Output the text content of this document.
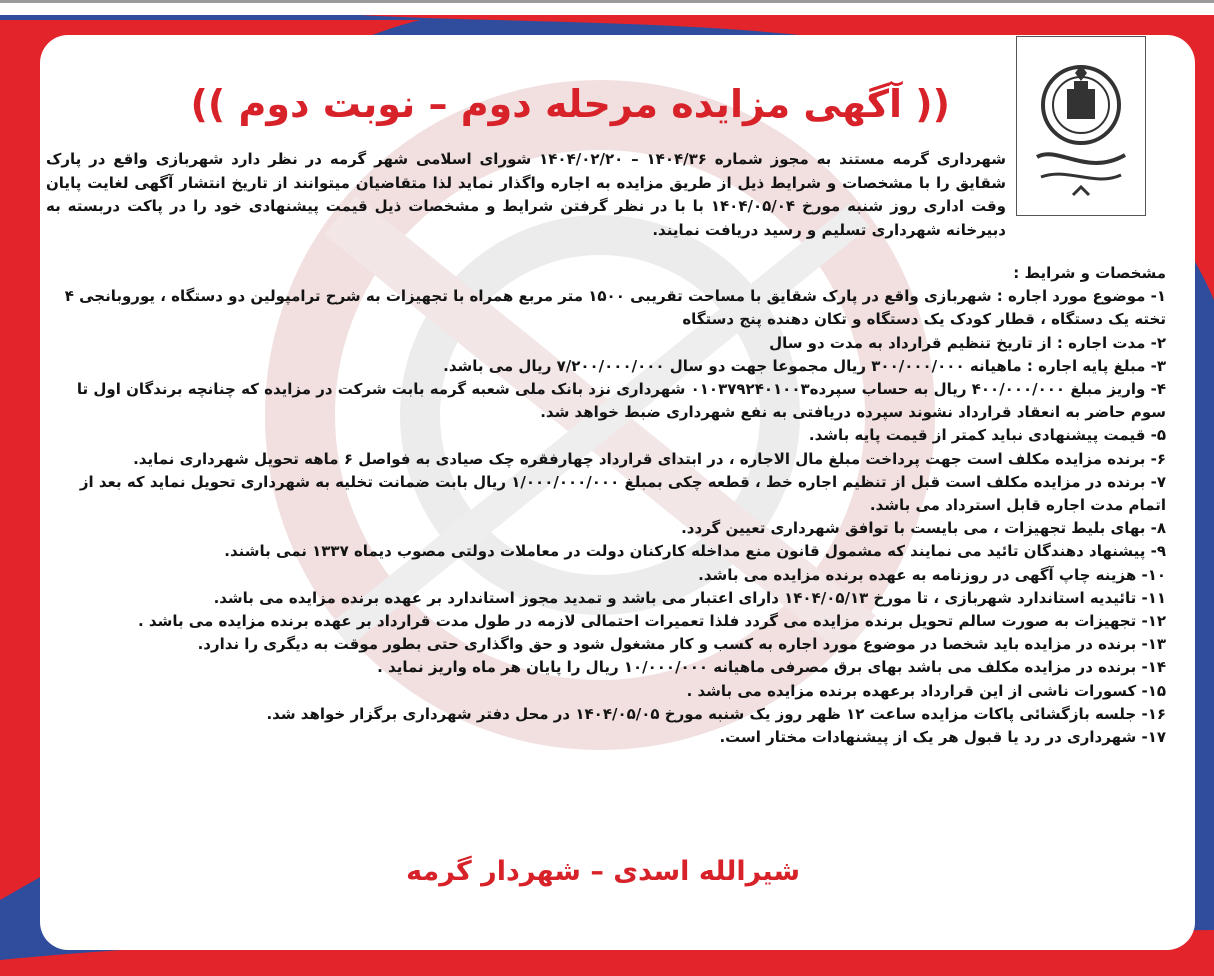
(( آگهی مزایده مرحله دوم – نوبت دوم ))
شهرداری گرمه مستند به مجوز شماره ۱۴۰۴/۳۶ – ۱۴۰۴/۰۲/۲۰ شورای اسلامی شهر گرمه در نظر دارد شهربازی واقع در پارک شقایق را با مشخصات و شرایط ذیل از طریق مزایده به اجاره واگذار نماید لذا متقاضیان میتوانند از تاریخ انتشار آگهی لغایت پایان وقت اداری روز شنبه مورخ ۱۴۰۴/۰۵/۰۴ با با در نظر گرفتن شرایط و مشخصات ذیل قیمت پیشنهادی خود را در پاکت دربسته به دبیرخانه شهرداری تسلیم و رسید دریافت نمایند.
مشخصات و شرایط :
۱- موضوع مورد اجاره : شهربازی واقع در پارک شقایق با مساحت تقریبی ۱۵۰۰ متر مربع همراه با تجهیزات به شرح ترامپولین دو دستگاه ، یوروبانجی ۴ تخته یک دستگاه ، قطار کودک یک دستگاه و تکان دهنده پنج دستگاه
۲- مدت اجاره : از تاریخ تنظیم قرارداد به مدت دو سال
۳- مبلغ پایه اجاره : ماهیانه ۳۰۰/۰۰۰/۰۰۰ ریال مجموعا جهت دو سال ۷/۲۰۰/۰۰۰/۰۰۰ ریال می باشد.
۴- واریز مبلغ ۴۰۰/۰۰۰/۰۰۰ ریال به حساب سپرده۰۱۰۳۷۹۲۴۰۱۰۰۳ شهرداری نزد بانک ملی شعبه گرمه بابت شرکت در مزایده که چنانچه برندگان اول تا سوم حاضر به انعقاد قرارداد نشوند سپرده دریافتی به نفع شهرداری ضبط خواهد شد.
۵- قیمت پیشنهادی نباید کمتر از قیمت پایه باشد.
۶- برنده مزایده مکلف است جهت پرداخت مبلغ مال الاجاره ، در ابتدای قرارداد چهارفقره چک صیادی به فواصل ۶ ماهه تحویل شهرداری نماید.
۷- برنده در مزایده مکلف است قبل از تنظیم اجاره خط ، قطعه چکی بمبلغ ۱/۰۰۰/۰۰۰/۰۰۰ ریال بابت ضمانت تخلیه به شهرداری تحویل نماید که بعد از اتمام مدت اجاره قابل استرداد می باشد.
۸- بهای بلیط تجهیزات ، می بایست با توافق شهرداری تعیین گردد.
۹- پیشنهاد دهندگان تائید می نمایند که مشمول قانون منع مداخله کارکنان دولت در معاملات دولتی مصوب دیماه ۱۳۳۷ نمی باشند.
۱۰- هزینه چاپ آگهی در روزنامه به عهده برنده مزایده می باشد.
۱۱- تائیدیه استاندارد شهربازی ، تا مورخ ۱۴۰۴/۰۵/۱۳ دارای اعتبار می باشد و تمدید مجوز استاندارد بر عهده برنده مزایده می باشد.
۱۲- تجهیزات به صورت سالم تحویل برنده مزایده می گردد فلذا تعمیرات احتمالی لازمه در طول مدت قرارداد بر عهده برنده مزایده می باشد .
۱۳- برنده در مزایده باید شخصا در موضوع مورد اجاره به کسب و کار مشغول شود و حق واگذاری حتی بطور موقت به دیگری را ندارد.
۱۴- برنده در مزایده مکلف می باشد بهای برق مصرفی ماهیانه ۱۰/۰۰۰/۰۰۰ ریال را پایان هر ماه واریز نماید .
۱۵- کسورات ناشی از این قرارداد برعهده برنده مزایده می باشد .
۱۶- جلسه بازگشائی پاکات مزایده ساعت ۱۲ ظهر روز یک شنبه مورخ ۱۴۰۴/۰۵/۰۵ در محل دفتر شهرداری برگزار خواهد شد.
۱۷- شهرداری در رد یا قبول هر یک از پیشنهادات مختار است.
شیرالله اسدی – شهردار گرمه
